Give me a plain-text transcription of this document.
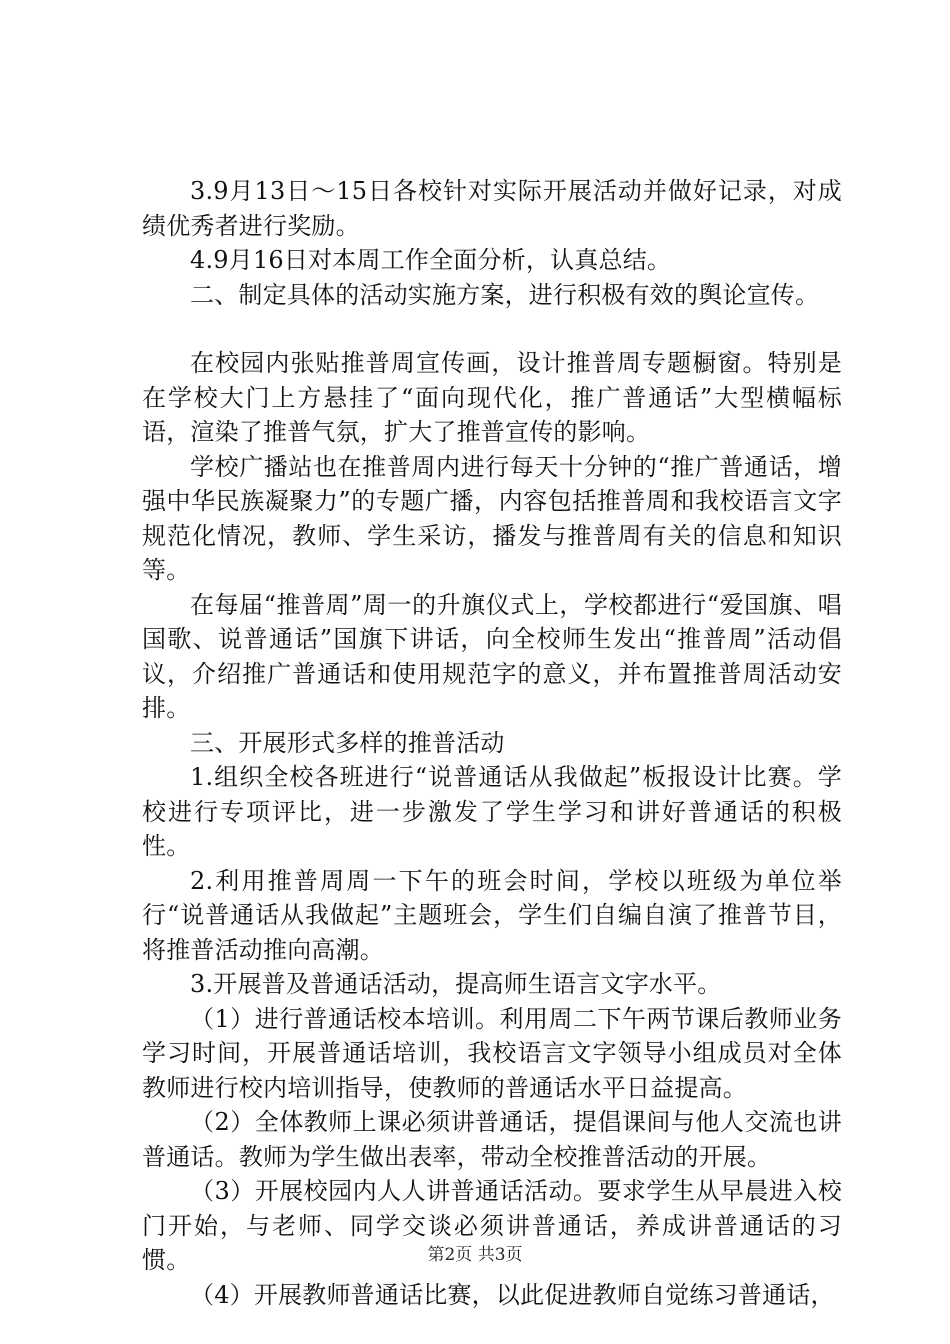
3.9月13日～15日各校针对实际开展活动并做好记录，对成绩优秀者进行奖励。

4.9月16日对本周工作全面分析，认真总结。

二、制定具体的活动实施方案，进行积极有效的舆论宣传。

在校园内张贴推普周宣传画，设计推普周专题橱窗。特别是在学校大门上方悬挂了“面向现代化，推广普通话”大型横幅标语，渲染了推普气氛，扩大了推普宣传的影响。

学校广播站也在推普周内进行每天十分钟的“推广普通话，增强中华民族凝聚力”的专题广播，内容包括推普周和我校语言文字规范化情况，教师、学生采访，播发与推普周有关的信息和知识等。

在每届“推普周”周一的升旗仪式上，学校都进行“爱国旗、唱国歌、说普通话”国旗下讲话，向全校师生发出“推普周”活动倡议，介绍推广普通话和使用规范字的意义，并布置推普周活动安排。

三、开展形式多样的推普活动

1.组织全校各班进行“说普通话从我做起”板报设计比赛。学校进行专项评比，进一步激发了学生学习和讲好普通话的积极性。

2.利用推普周周一下午的班会时间，学校以班级为单位举行“说普通话从我做起”主题班会，学生们自编自演了推普节目，将推普活动推向高潮。

3.开展普及普通话活动，提高师生语言文字水平。

（1）进行普通话校本培训。利用周二下午两节课后教师业务学习时间，开展普通话培训，我校语言文字领导小组成员对全体教师进行校内培训指导，使教师的普通话水平日益提高。

（2）全体教师上课必须讲普通话，提倡课间与他人交流也讲普通话。教师为学生做出表率，带动全校推普活动的开展。

（3）开展校园内人人讲普通话活动。要求学生从早晨进入校门开始，与老师、同学交谈必须讲普通话，养成讲普通话的习惯。

（4）开展教师普通话比赛，以此促进教师自觉练习普通话，

第2页 共3页
